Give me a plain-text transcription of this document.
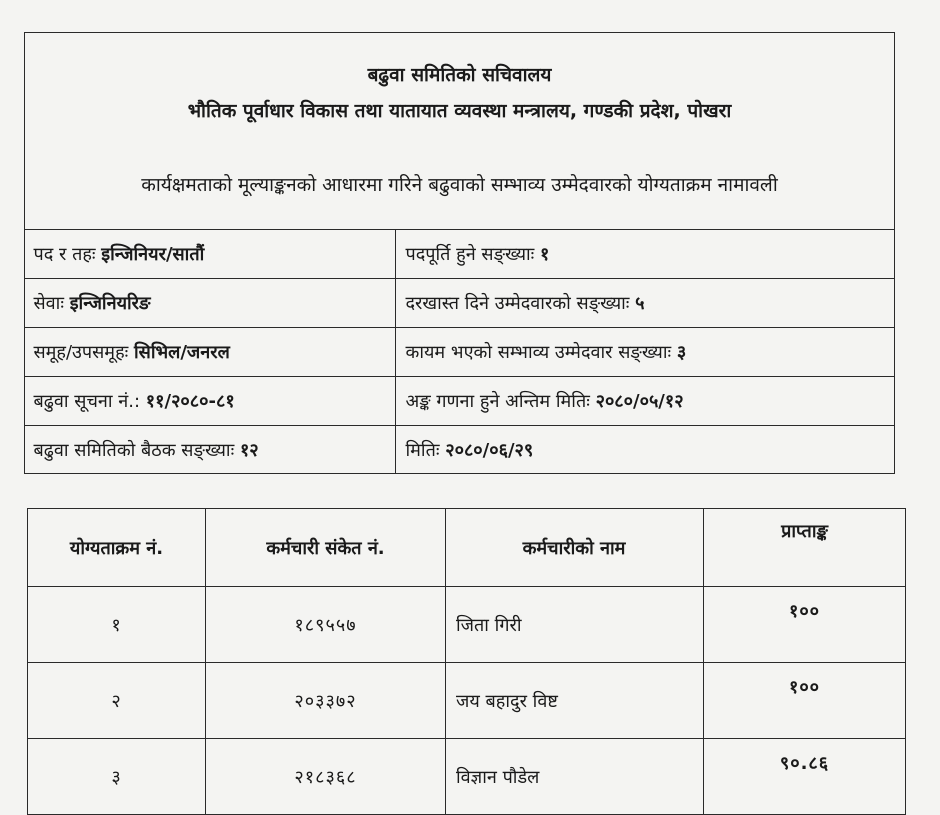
बढुवा समितिको सचिवालय
भौतिक पूर्वाधार विकास तथा यातायात व्यवस्था मन्त्रालय, गण्डकी प्रदेश, पोखरा
कार्यक्षमताको मूल्याङ्कनको आधारमा गरिने बढुवाको सम्भाव्य उम्मेदवारको योग्यताक्रम नामावली
पद र तहः इन्जिनियर/सातौं	पदपूर्ति हुने सङ्ख्याः १
सेवाः इन्जिनियरिङ	दरखास्त दिने उम्मेदवारको सङ्ख्याः ५
समूह/उपसमूहः सिभिल/जनरल	कायम भएको सम्भाव्य उम्मेदवार सङ्ख्याः ३
बढुवा सूचना नं.: ११/२०८०-८१	अङ्क गणना हुने अन्तिम मितिः २०८०/०५/१२
बढुवा समितिको बैठक सङ्ख्याः १२	मितिः २०८०/०६/२९
योग्यताक्रम नं.	कर्मचारी संकेत नं.	कर्मचारीको नाम	प्राप्ताङ्क
१	१८९५५७	जिता गिरी	१००
२	२०३३७२	जय बहादुर विष्ट	१००
३	२१८३६८	विज्ञान पौडेल	९०.८६
